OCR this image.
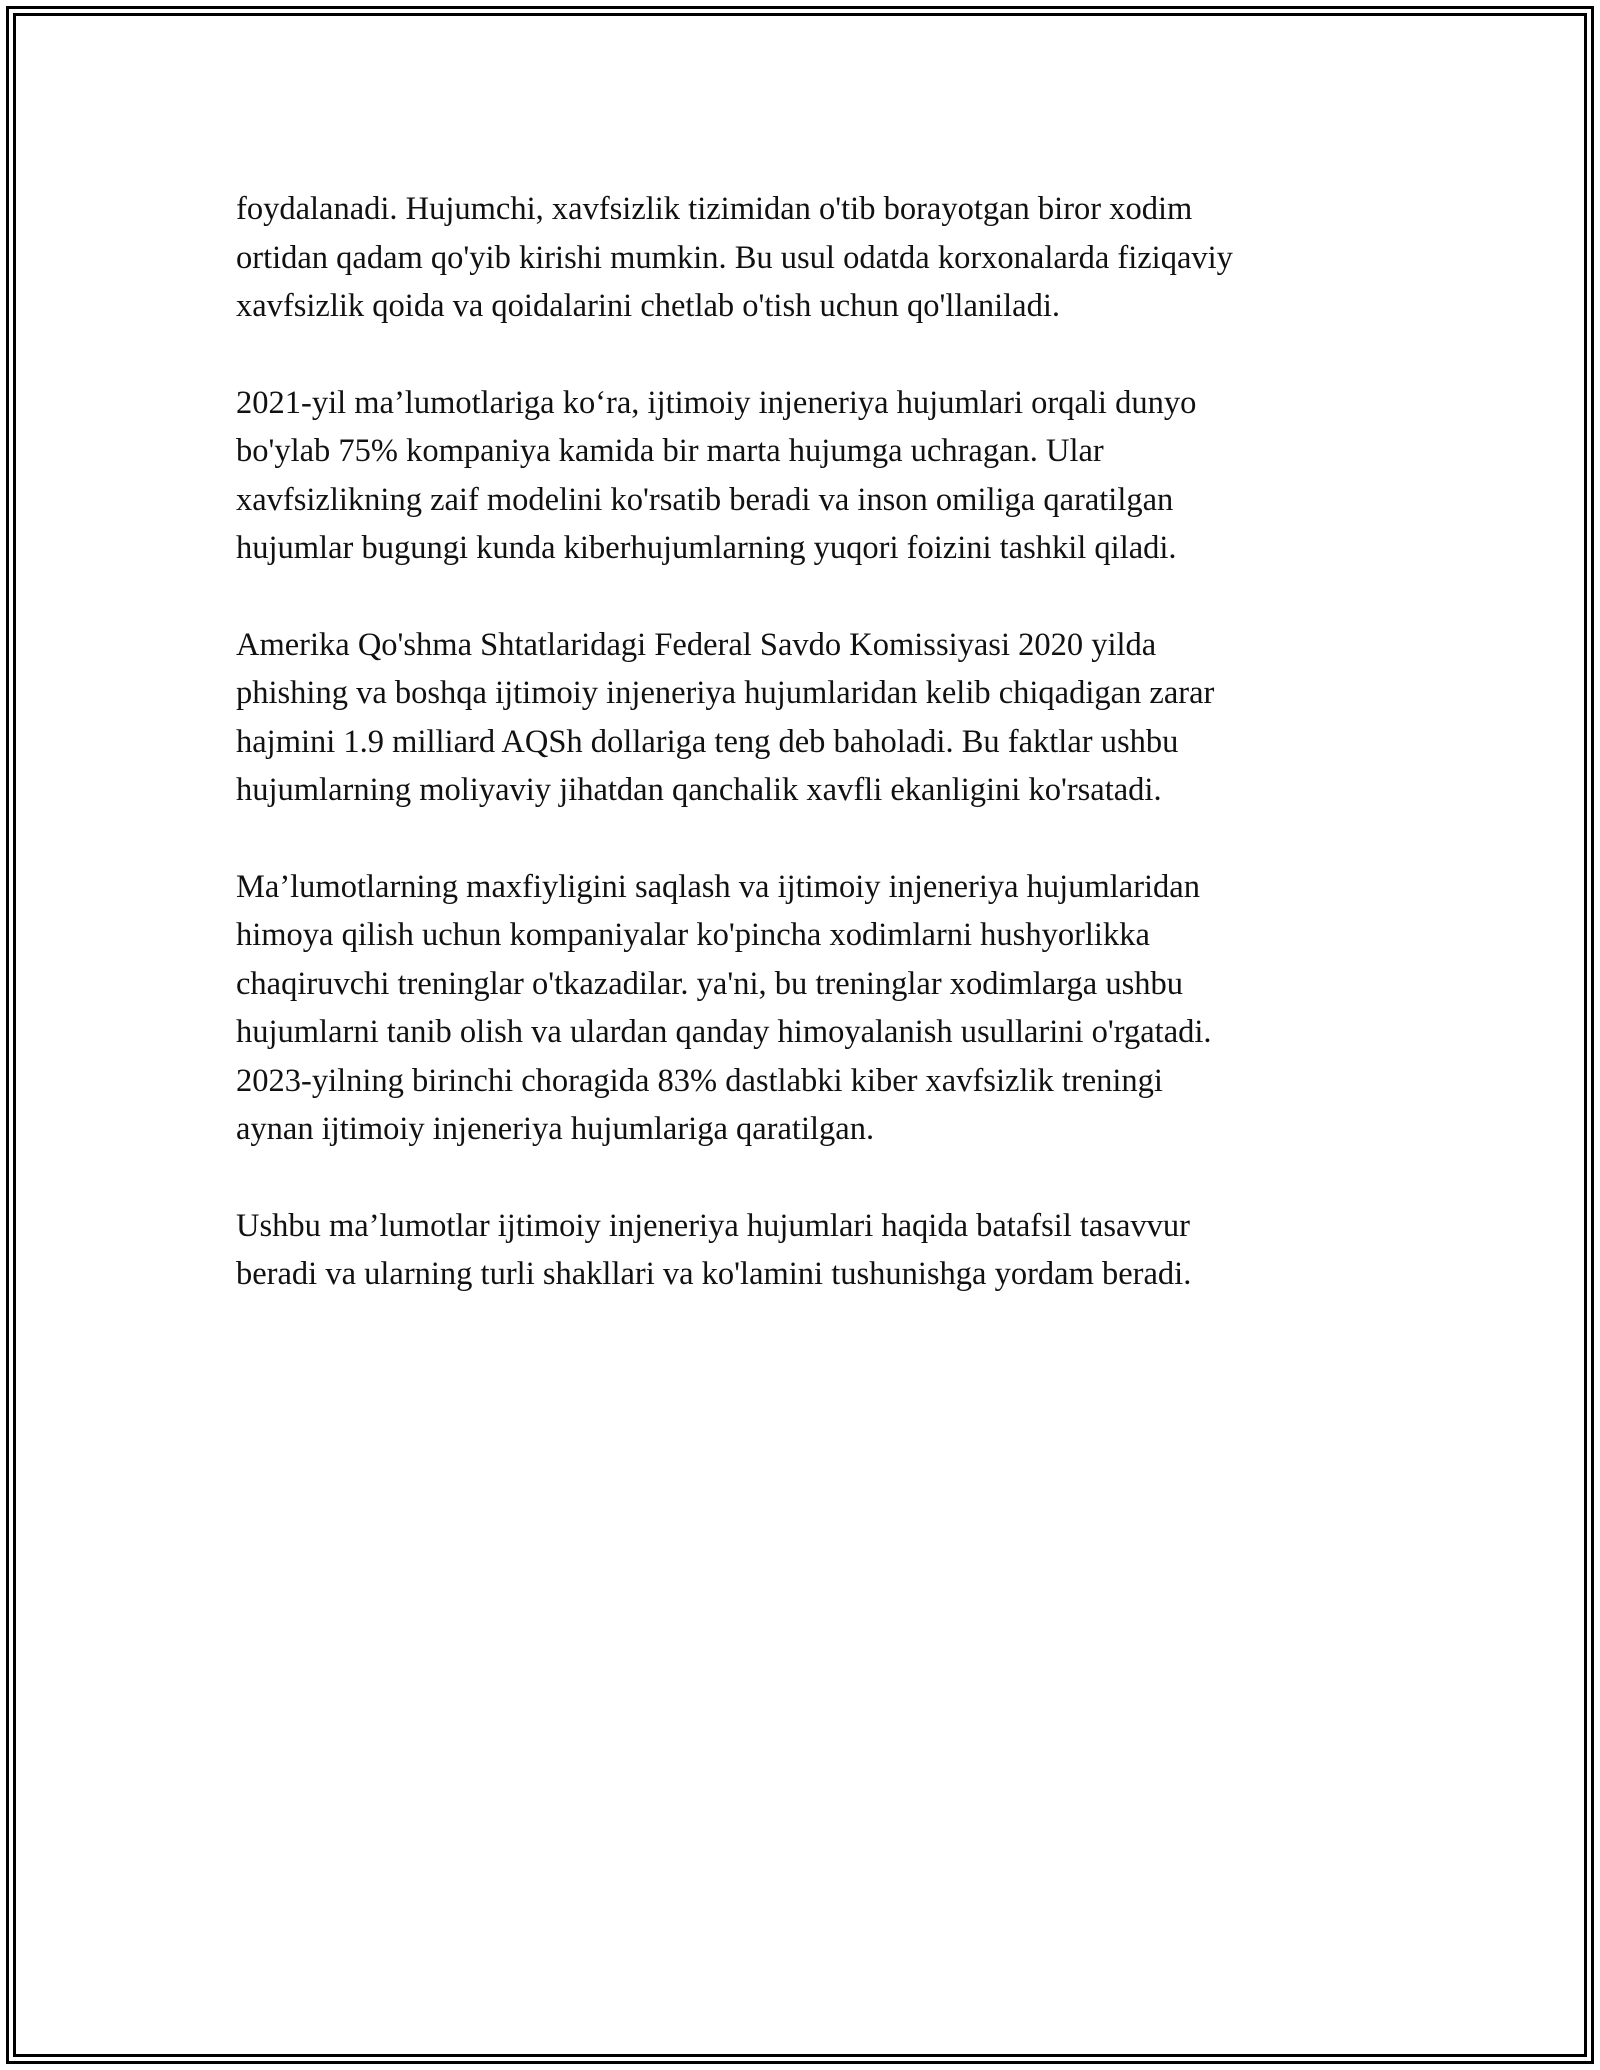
foydalanadi. Hujumchi, xavfsizlik tizimidan o'tib borayotgan biror xodim
ortidan qadam qo'yib kirishi mumkin. Bu usul odatda korxonalarda fiziqaviy
xavfsizlik qoida va qoidalarini chetlab o'tish uchun qo'llaniladi.

2021-yil ma’lumotlariga ko‘ra, ijtimoiy injeneriya hujumlari orqali dunyo
bo'ylab 75% kompaniya kamida bir marta hujumga uchragan. Ular
xavfsizlikning zaif modelini ko'rsatib beradi va inson omiliga qaratilgan
hujumlar bugungi kunda kiberhujumlarning yuqori foizini tashkil qiladi.

Amerika Qo'shma Shtatlaridagi Federal Savdo Komissiyasi 2020 yilda
phishing va boshqa ijtimoiy injeneriya hujumlaridan kelib chiqadigan zarar
hajmini 1.9 milliard AQSh dollariga teng deb baholadi. Bu faktlar ushbu
hujumlarning moliyaviy jihatdan qanchalik xavfli ekanligini ko'rsatadi.

Ma’lumotlarning maxfiyligini saqlash va ijtimoiy injeneriya hujumlaridan
himoya qilish uchun kompaniyalar ko'pincha xodimlarni hushyorlikka
chaqiruvchi treninglar o'tkazadilar. ya'ni, bu treninglar xodimlarga ushbu
hujumlarni tanib olish va ulardan qanday himoyalanish usullarini o'rgatadi.
2023-yilning birinchi choragida 83% dastlabki kiber xavfsizlik treningi
aynan ijtimoiy injeneriya hujumlariga qaratilgan.

Ushbu ma’lumotlar ijtimoiy injeneriya hujumlari haqida batafsil tasavvur
beradi va ularning turli shakllari va ko'lamini tushunishga yordam beradi.
